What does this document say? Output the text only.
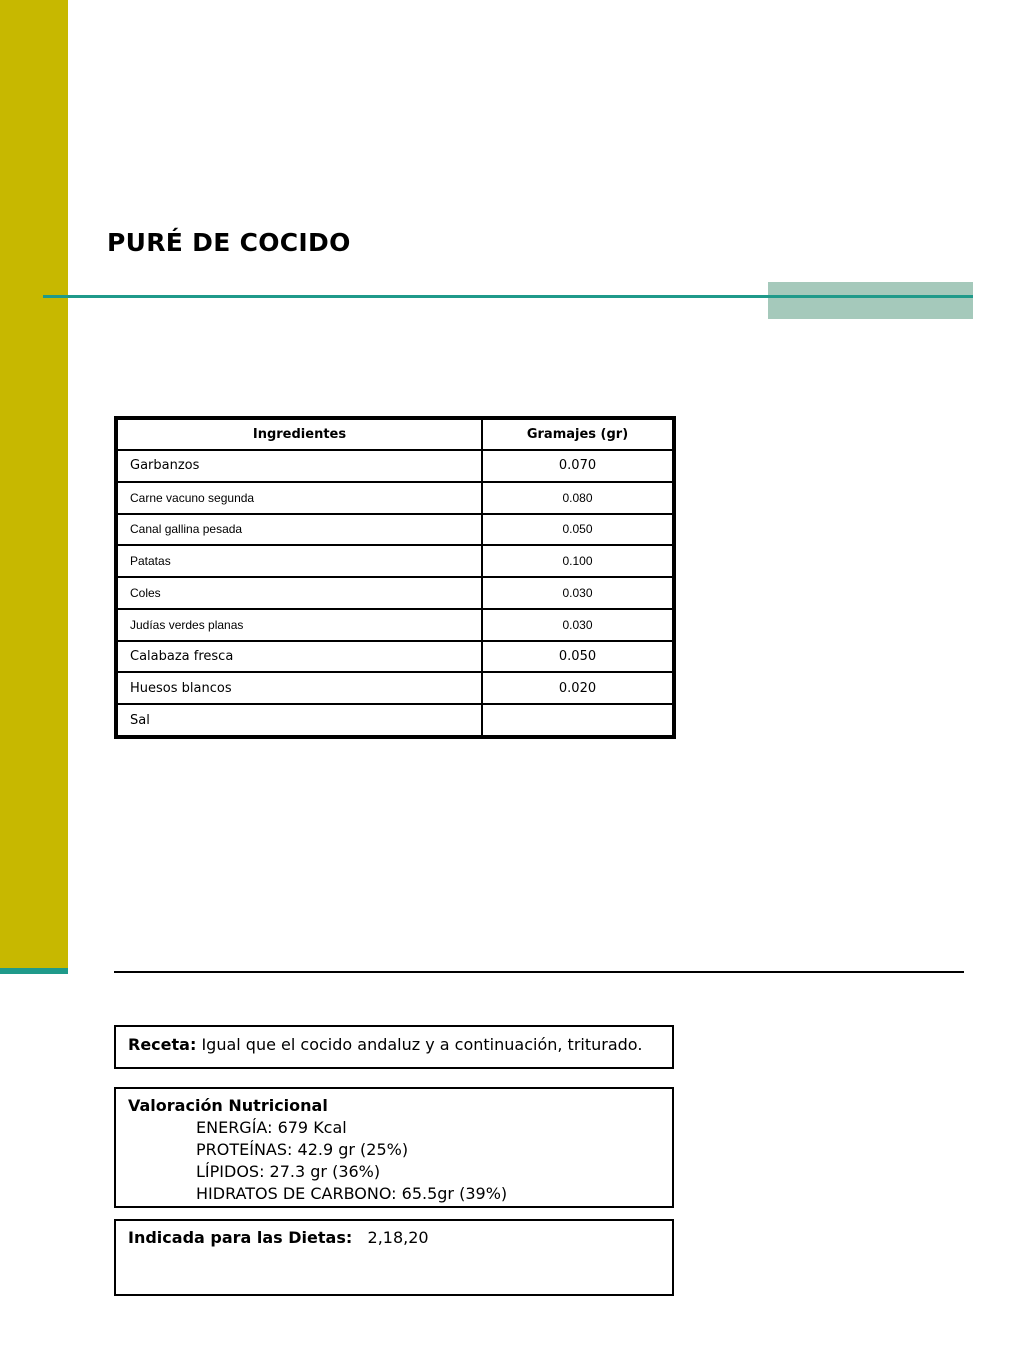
PURÉ DE COCIDO
Ingredientes	Gramajes (gr)
Garbanzos	0.070
Carne vacuno segunda	0.080
Canal gallina pesada	0.050
Patatas	0.100
Coles	0.030
Judías verdes planas	0.030
Calabaza fresca	0.050
Huesos blancos	0.020
Sal	

Receta: Igual que el cocido andaluz y a continuación, triturado.

Valoración Nutricional

ENERGÍA: 679 Kcal

PROTEÍNAS: 42.9 gr (25%)

LÍPIDOS: 27.3 gr (36%)

HIDRATOS DE CARBONO: 65.5gr (39%)

Indicada para las Dietas: 2,18,20
